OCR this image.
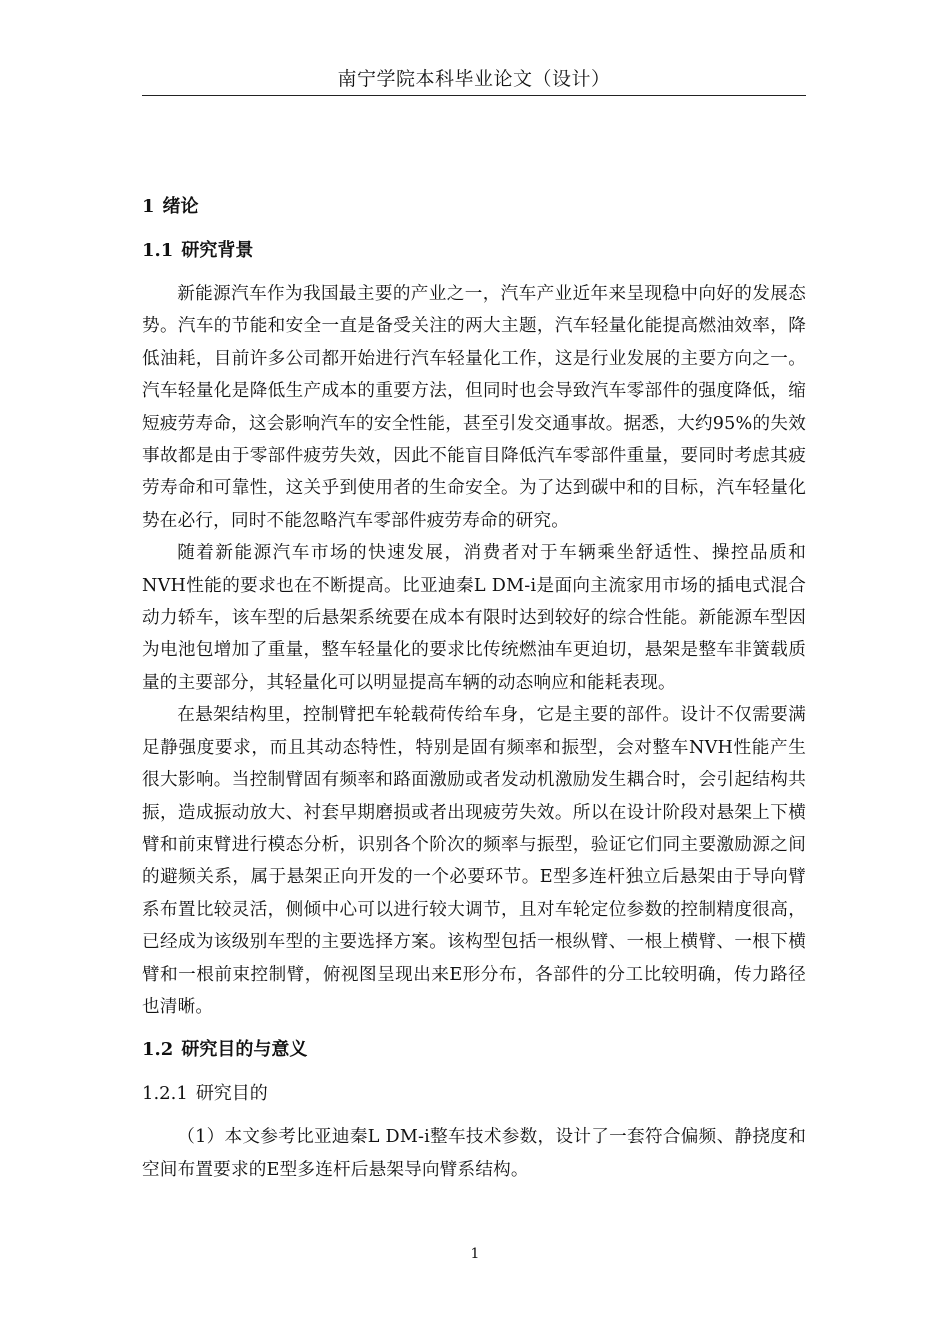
南宁学院本科毕业论文（设计）
1 绪论
1.1 研究背景

新能源汽车作为我国最主要的产业之一，汽车产业近年来呈现稳中向好的发展态势。汽车的节能和安全一直是备受关注的两大主题，汽车轻量化能提高燃油效率，降低油耗，目前许多公司都开始进行汽车轻量化工作，这是行业发展的主要方向之一。汽车轻量化是降低生产成本的重要方法，但同时也会导致汽车零部件的强度降低，缩短疲劳寿命，这会影响汽车的安全性能，甚至引发交通事故。据悉，大约95%的失效事故都是由于零部件疲劳失效，因此不能盲目降低汽车零部件重量，要同时考虑其疲劳寿命和可靠性，这关乎到使用者的生命安全。为了达到碳中和的目标，汽车轻量化势在必行，同时不能忽略汽车零部件疲劳寿命的研究。

随着新能源汽车市场的快速发展，消费者对于车辆乘坐舒适性、操控品质和NVH性能的要求也在不断提高。比亚迪秦L DM-i是面向主流家用市场的插电式混合动力轿车，该车型的后悬架系统要在成本有限时达到较好的综合性能。新能源车型因为电池包增加了重量，整车轻量化的要求比传统燃油车更迫切，悬架是整车非簧载质量的主要部分，其轻量化可以明显提高车辆的动态响应和能耗表现。

在悬架结构里，控制臂把车轮载荷传给车身，它是主要的部件。设计不仅需要满足静强度要求，而且其动态特性，特别是固有频率和振型，会对整车NVH性能产生很大影响。当控制臂固有频率和路面激励或者发动机激励发生耦合时，会引起结构共振，造成振动放大、衬套早期磨损或者出现疲劳失效。所以在设计阶段对悬架上下横臂和前束臂进行模态分析，识别各个阶次的频率与振型，验证它们同主要激励源之间的避频关系，属于悬架正向开发的一个必要环节。E型多连杆独立后悬架由于导向臂系布置比较灵活，侧倾中心可以进行较大调节，且对车轮定位参数的控制精度很高，已经成为该级别车型的主要选择方案。该构型包括一根纵臂、一根上横臂、一根下横臂和一根前束控制臂，俯视图呈现出来E形分布，各部件的分工比较明确，传力路径也清晰。

1.2 研究目的与意义
1.2.1 研究目的

（1）本文参考比亚迪秦L DM-i整车技术参数，设计了一套符合偏频、静挠度和空间布置要求的E型多连杆后悬架导向臂系结构。

1
